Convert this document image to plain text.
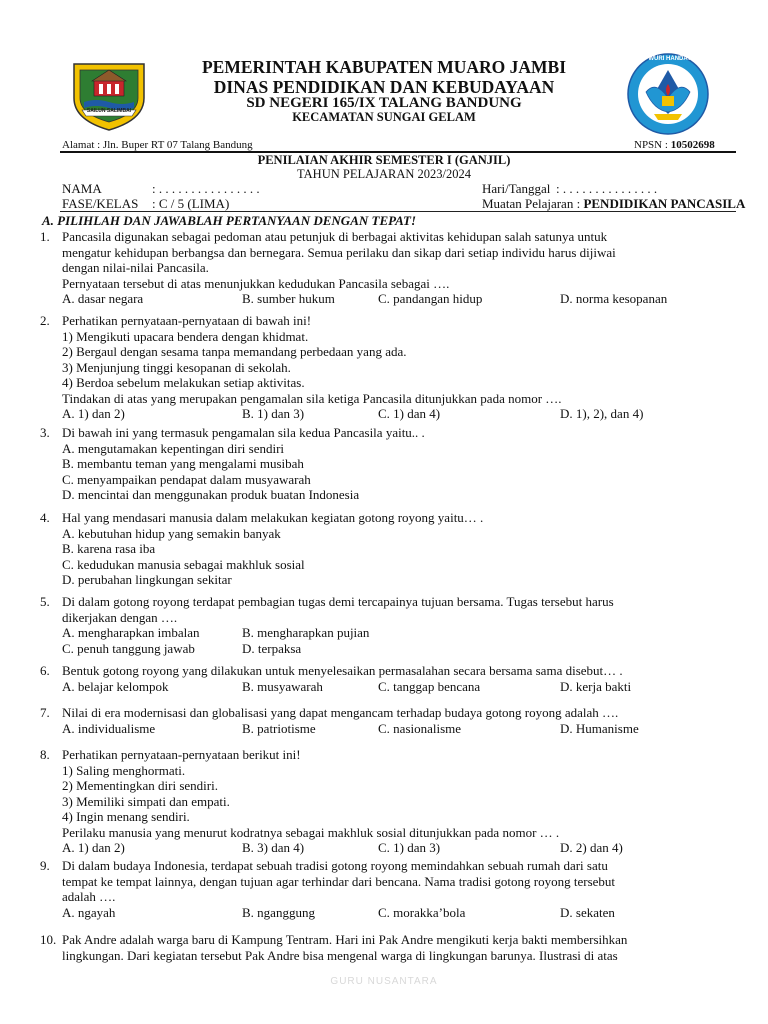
SAILUN SALIMBAI
TUT WURI HANDAYANI
PEMERINTAH KABUPATEN MUARO JAMBI
DINAS PENDIDIKAN DAN KEBUDAYAAN
SD NEGERI 165/IX TALANG BANDUNG
KECAMATAN SUNGAI GELAM
Alamat : Jln. Buper RT 07 Talang Bandung	NPSN : 10502698
PENILAIAN AKHIR SEMESTER I (GANJIL)
TAHUN PELAJARAN 2023/2024
NAMA	: . . . . . . . . . . . . . . . .	Hari/Tanggal : . . . . . . . . . . . . . . .
FASE/KELAS : C / 5 (LIMA)	Muatan Pelajaran : PENDIDIKAN PANCASILA
A. PILIHLAH DAN JAWABLAH PERTANYAAN DENGAN TEPAT!
1. Pancasila digunakan sebagai pedoman atau petunjuk di berbagai aktivitas kehidupan salah satunya untuk
mengatur kehidupan berbangsa dan bernegara. Semua perilaku dan sikap dari setiap individu harus dijiwai
dengan nilai-nilai Pancasila.
Pernyataan tersebut di atas menunjukkan kedudukan Pancasila sebagai ….
A. dasar negara	B. sumber hukum	C. pandangan hidup	D. norma kesopanan
2. Perhatikan pernyataan-pernyataan di bawah ini!
1) Mengikuti upacara bendera dengan khidmat.
2) Bergaul dengan sesama tanpa memandang perbedaan yang ada.
3) Menjunjung tinggi kesopanan di sekolah.
4) Berdoa sebelum melakukan setiap aktivitas.
Tindakan di atas yang merupakan pengamalan sila ketiga Pancasila ditunjukkan pada nomor ….
A. 1) dan 2)	B. 1) dan 3)	C. 1) dan 4)	D. 1), 2), dan 4)
3. Di bawah ini yang termasuk pengamalan sila kedua Pancasila yaitu.. .
A. mengutamakan kepentingan diri sendiri
B. membantu teman yang mengalami musibah
C. menyampaikan pendapat dalam musyawarah
D. mencintai dan menggunakan produk buatan Indonesia
4. Hal yang mendasari manusia dalam melakukan kegiatan gotong royong yaitu… .
A. kebutuhan hidup yang semakin banyak
B. karena rasa iba
C. kedudukan manusia sebagai makhluk sosial
D. perubahan lingkungan sekitar
5. Di dalam gotong royong terdapat pembagian tugas demi tercapainya tujuan bersama. Tugas tersebut harus
dikerjakan dengan ….
A. mengharapkan imbalan	B. mengharapkan pujian
C. penuh tanggung jawab	D. terpaksa
6. Bentuk gotong royong yang dilakukan untuk menyelesaikan permasalahan secara bersama sama disebut… .
A. belajar kelompok	B. musyawarah	C. tanggap bencana	D. kerja bakti
7. Nilai di era modernisasi dan globalisasi yang dapat mengancam terhadap budaya gotong royong adalah ….
A. individualisme	B. patriotisme	C. nasionalisme	D. Humanisme
8. Perhatikan pernyataan-pernyataan berikut ini!
1) Saling menghormati.
2) Mementingkan diri sendiri.
3) Memiliki simpati dan empati.
4) Ingin menang sendiri.
Perilaku manusia yang menurut kodratnya sebagai makhluk sosial ditunjukkan pada nomor … .
A. 1) dan 2)	B. 3) dan 4)	C. 1) dan 3)	D. 2) dan 4)
9. Di dalam budaya Indonesia, terdapat sebuah tradisi gotong royong memindahkan sebuah rumah dari satu
tempat ke tempat lainnya, dengan tujuan agar terhindar dari bencana. Nama tradisi gotong royong tersebut
adalah ….
A. ngayah	B. nganggung	C. morakka’bola	D. sekaten
10. Pak Andre adalah warga baru di Kampung Tentram. Hari ini Pak Andre mengikuti kerja bakti membersihkan
lingkungan. Dari kegiatan tersebut Pak Andre bisa mengenal warga di lingkungan barunya. Ilustrasi di atas
GURU NUSANTARA
